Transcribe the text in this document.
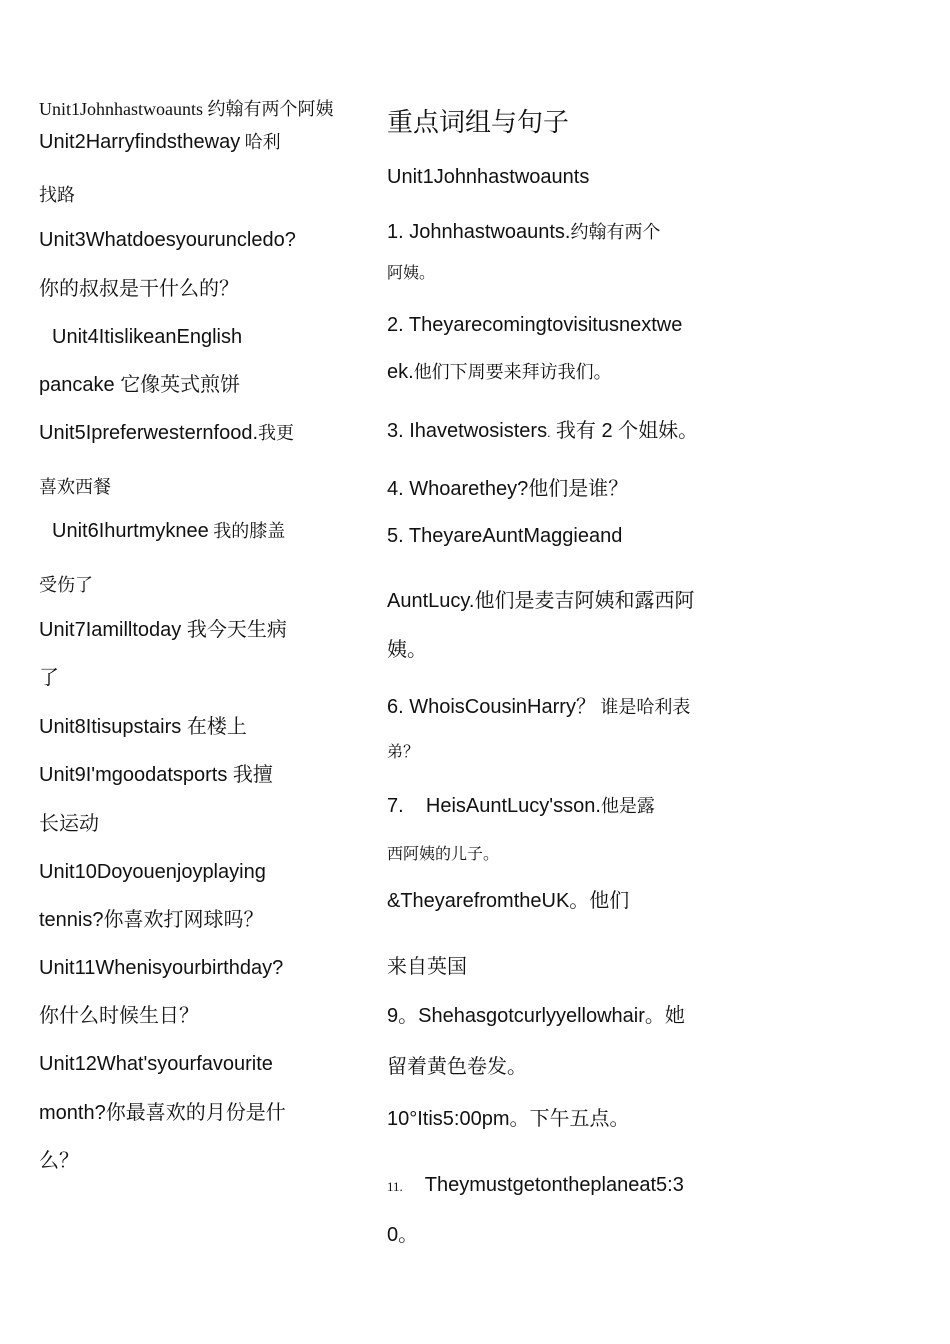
Unit1Johnhastwoaunts 约翰有两个阿姨
Unit2Harryfindstheway 哈利
找路
Unit3Whatdoesyouruncledo?
你的叔叔是干什么的？
Unit4ItislikeanEnglish
pancake 它像英式煎饼
Unit5Ipreferwesternfood.我更
喜欢西餐
Unit6Ihurtmyknee 我的膝盖
受伤了
Unit7Iamilltoday 我今天生病
了
Unit8Itisupstairs 在楼上
Unit9I'mgoodatsports 我擅
长运动
Unit10Doyouenjoyplaying
tennis?你喜欢打网球吗？
Unit11Whenisyourbirthday?
你什么时候生日？
Unit12What'syourfavourite
month?你最喜欢的月份是什
么？
重点词组与句子
Unit1Johnhastwoaunts
1. Johnhastwoaunts.约翰有两个
阿姨。
2. Theyarecomingtovisitusnextwe
ek.他们下周要来拜访我们。
3. Ihavetwosisters. 我有 2 个姐妹。
4. Whoarethey?他们是谁？
5. TheyareAuntMaggieand
AuntLucy.他们是麦吉阿姨和露西阿
姨。
6. WhoisCousinHarry？ 谁是哈利表
弟？
7.    HeisAuntLucy'sson.他是露
西阿姨的儿子。
&TheyarefromtheUK。他们
来自英国
9。Shehasgotcurlyyellowhair。她
留着黄色卷发。
10°Itis5:00pm。下午五点。
11. Theymustgetontheplaneat5:3
0。
